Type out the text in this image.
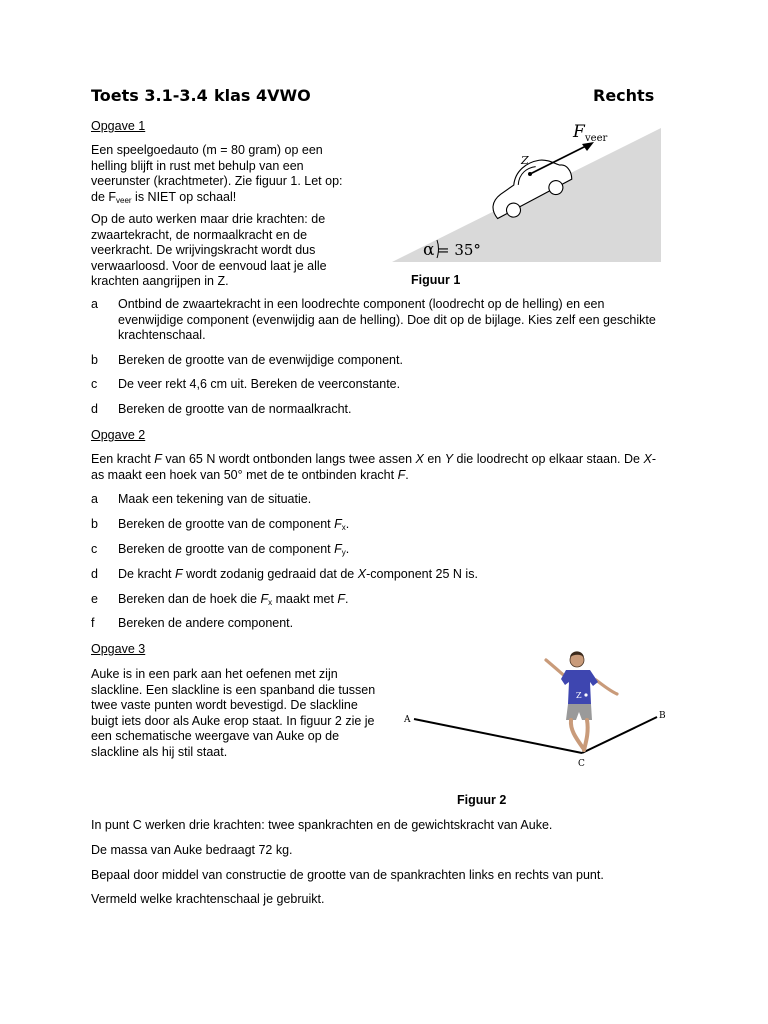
Toets 3.1-3.4 klas 4VWO	Rechts
Opgave 1
Een speelgoedauto (m = 80 gram) op een
helling blijft in rust met behulp van een
veerunster (krachtmeter). Zie figuur 1. Let op:
de $F_{veer}$ is NIET op schaal!
Op de auto werken maar drie krachten: de
zwaartekracht, de normaalkracht en de
veerkracht. De wrijvingskracht wordt dus
verwaarloosd. Voor de eenvoud laat je alle
krachten aangrijpen in Z.
Z
F veer
α = 35°
Figuur 1
a Ontbind de zwaartekracht in een loodrechte component (loodrecht op de helling) en een
evenwijdige component (evenwijdig aan de helling). Doe dit op de bijlage. Kies zelf een geschikte
krachtenschaal.
b Bereken de grootte van de evenwijdige component.
c De veer rekt 4,6 cm uit. Bereken de veerconstante.
d Bereken de grootte van de normaalkracht.
Opgave 2
Een kracht F van 65 N wordt ontbonden langs twee assen X en Y die loodrecht op elkaar staan. De X-
as maakt een hoek van 50° met de te ontbinden kracht F.
a Maak een tekening van de situatie.
b Bereken de grootte van de component $F_x$.
c Bereken de grootte van de component $F_y$.
d De kracht F wordt zodanig gedraaid dat de X-component 25 N is.
e Bereken dan de hoek die $F_x$ maakt met F.
f Bereken de andere component.
Opgave 3
Auke is in een park aan het oefenen met zijn
slackline. Een slackline is een spanband die tussen
twee vaste punten wordt bevestigd. De slackline
buigt iets door als Auke erop staat. In figuur 2 zie je
een schematische weergave van Auke op de
slackline als hij stil staat.
Z
A	B
C
Figuur 2
In punt C werken drie krachten: twee spankrachten en de gewichtskracht van Auke.
De massa van Auke bedraagt 72 kg.
Bepaal door middel van constructie de grootte van de spankrachten links en rechts van punt.
Vermeld welke krachtenschaal je gebruikt.
